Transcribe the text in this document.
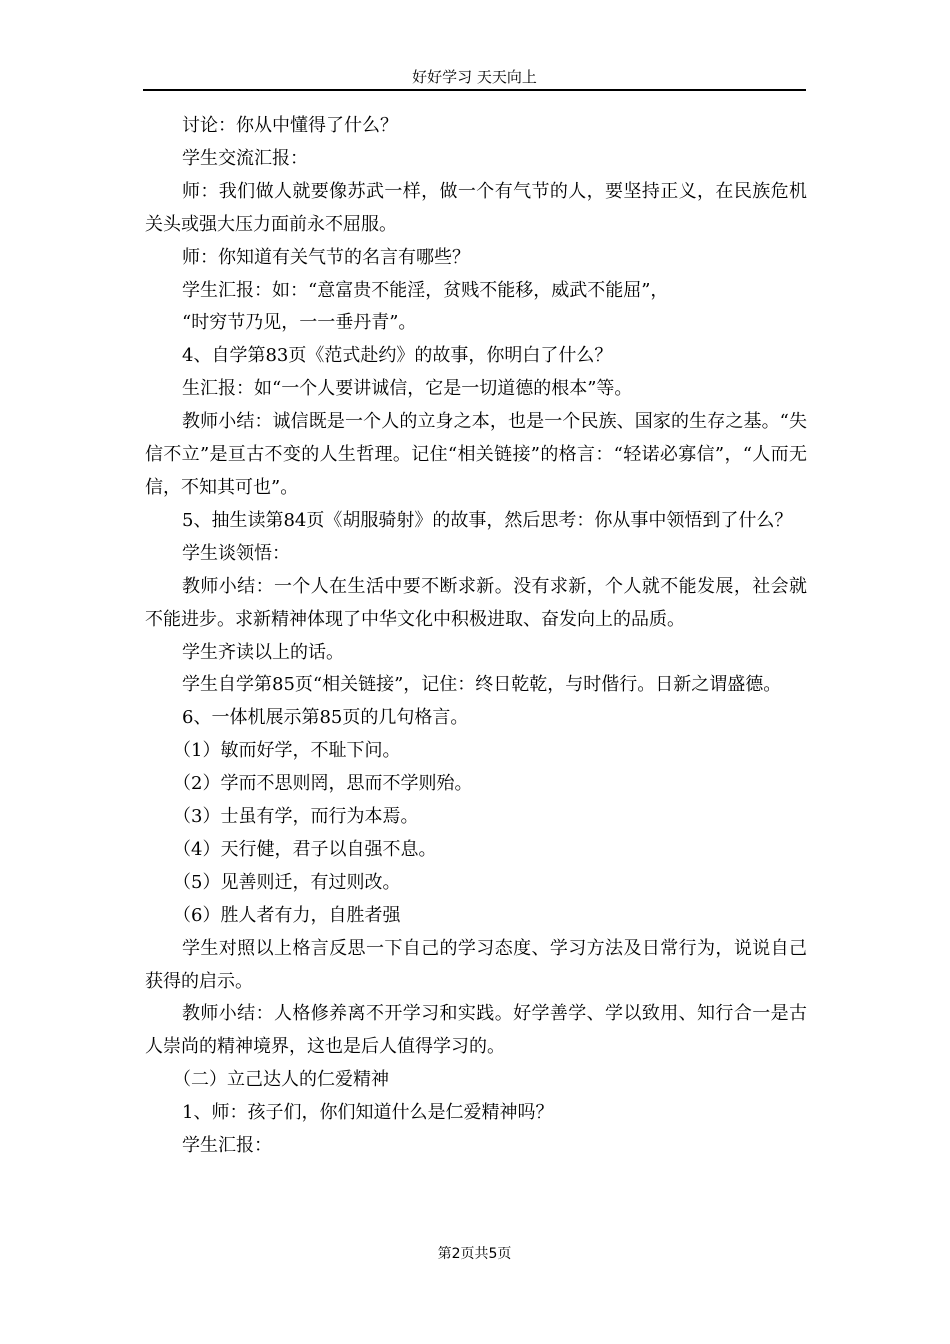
好好学习 天天向上

讨论：你从中懂得了什么？

学生交流汇报：

师：我们做人就要像苏武一样，做一个有气节的人，要坚持正义，在民族危机关头或强大压力面前永不屈服。

师：你知道有关气节的名言有哪些？

学生汇报：如：“意富贵不能淫，贫贱不能移，威武不能屈”，

“时穷节乃见，一一垂丹青”。

4、自学第83页《范式赴约》的故事，你明白了什么？

生汇报：如“一个人要讲诚信，它是一切道德的根本”等。

教师小结：诚信既是一个人的立身之本，也是一个民族、国家的生存之基。“失信不立”是亘古不变的人生哲理。记住“相关链接”的格言：“轻诺必寡信”，“人而无信，不知其可也”。

5、抽生读第84页《胡服骑射》的故事，然后思考：你从事中领悟到了什么？

学生谈领悟：

教师小结：一个人在生活中要不断求新。没有求新，个人就不能发展，社会就不能进步。求新精神体现了中华文化中积极进取、奋发向上的品质。

学生齐读以上的话。

学生自学第85页“相关链接”，记住：终日乾乾，与时偕行。日新之谓盛德。

6、一体机展示第85页的几句格言。

（1）敏而好学，不耻下问。

（2）学而不思则罔，思而不学则殆。

（3）士虽有学，而行为本焉。

（4）天行健，君子以自强不息。

（5）见善则迁，有过则改。

（6）胜人者有力，自胜者强

学生对照以上格言反思一下自己的学习态度、学习方法及日常行为，说说自己获得的启示。

教师小结：人格修养离不开学习和实践。好学善学、学以致用、知行合一是古人崇尚的精神境界，这也是后人值得学习的。

（二）立己达人的仁爱精神

1、师：孩子们，你们知道什么是仁爱精神吗？

学生汇报：

第2页共5页
